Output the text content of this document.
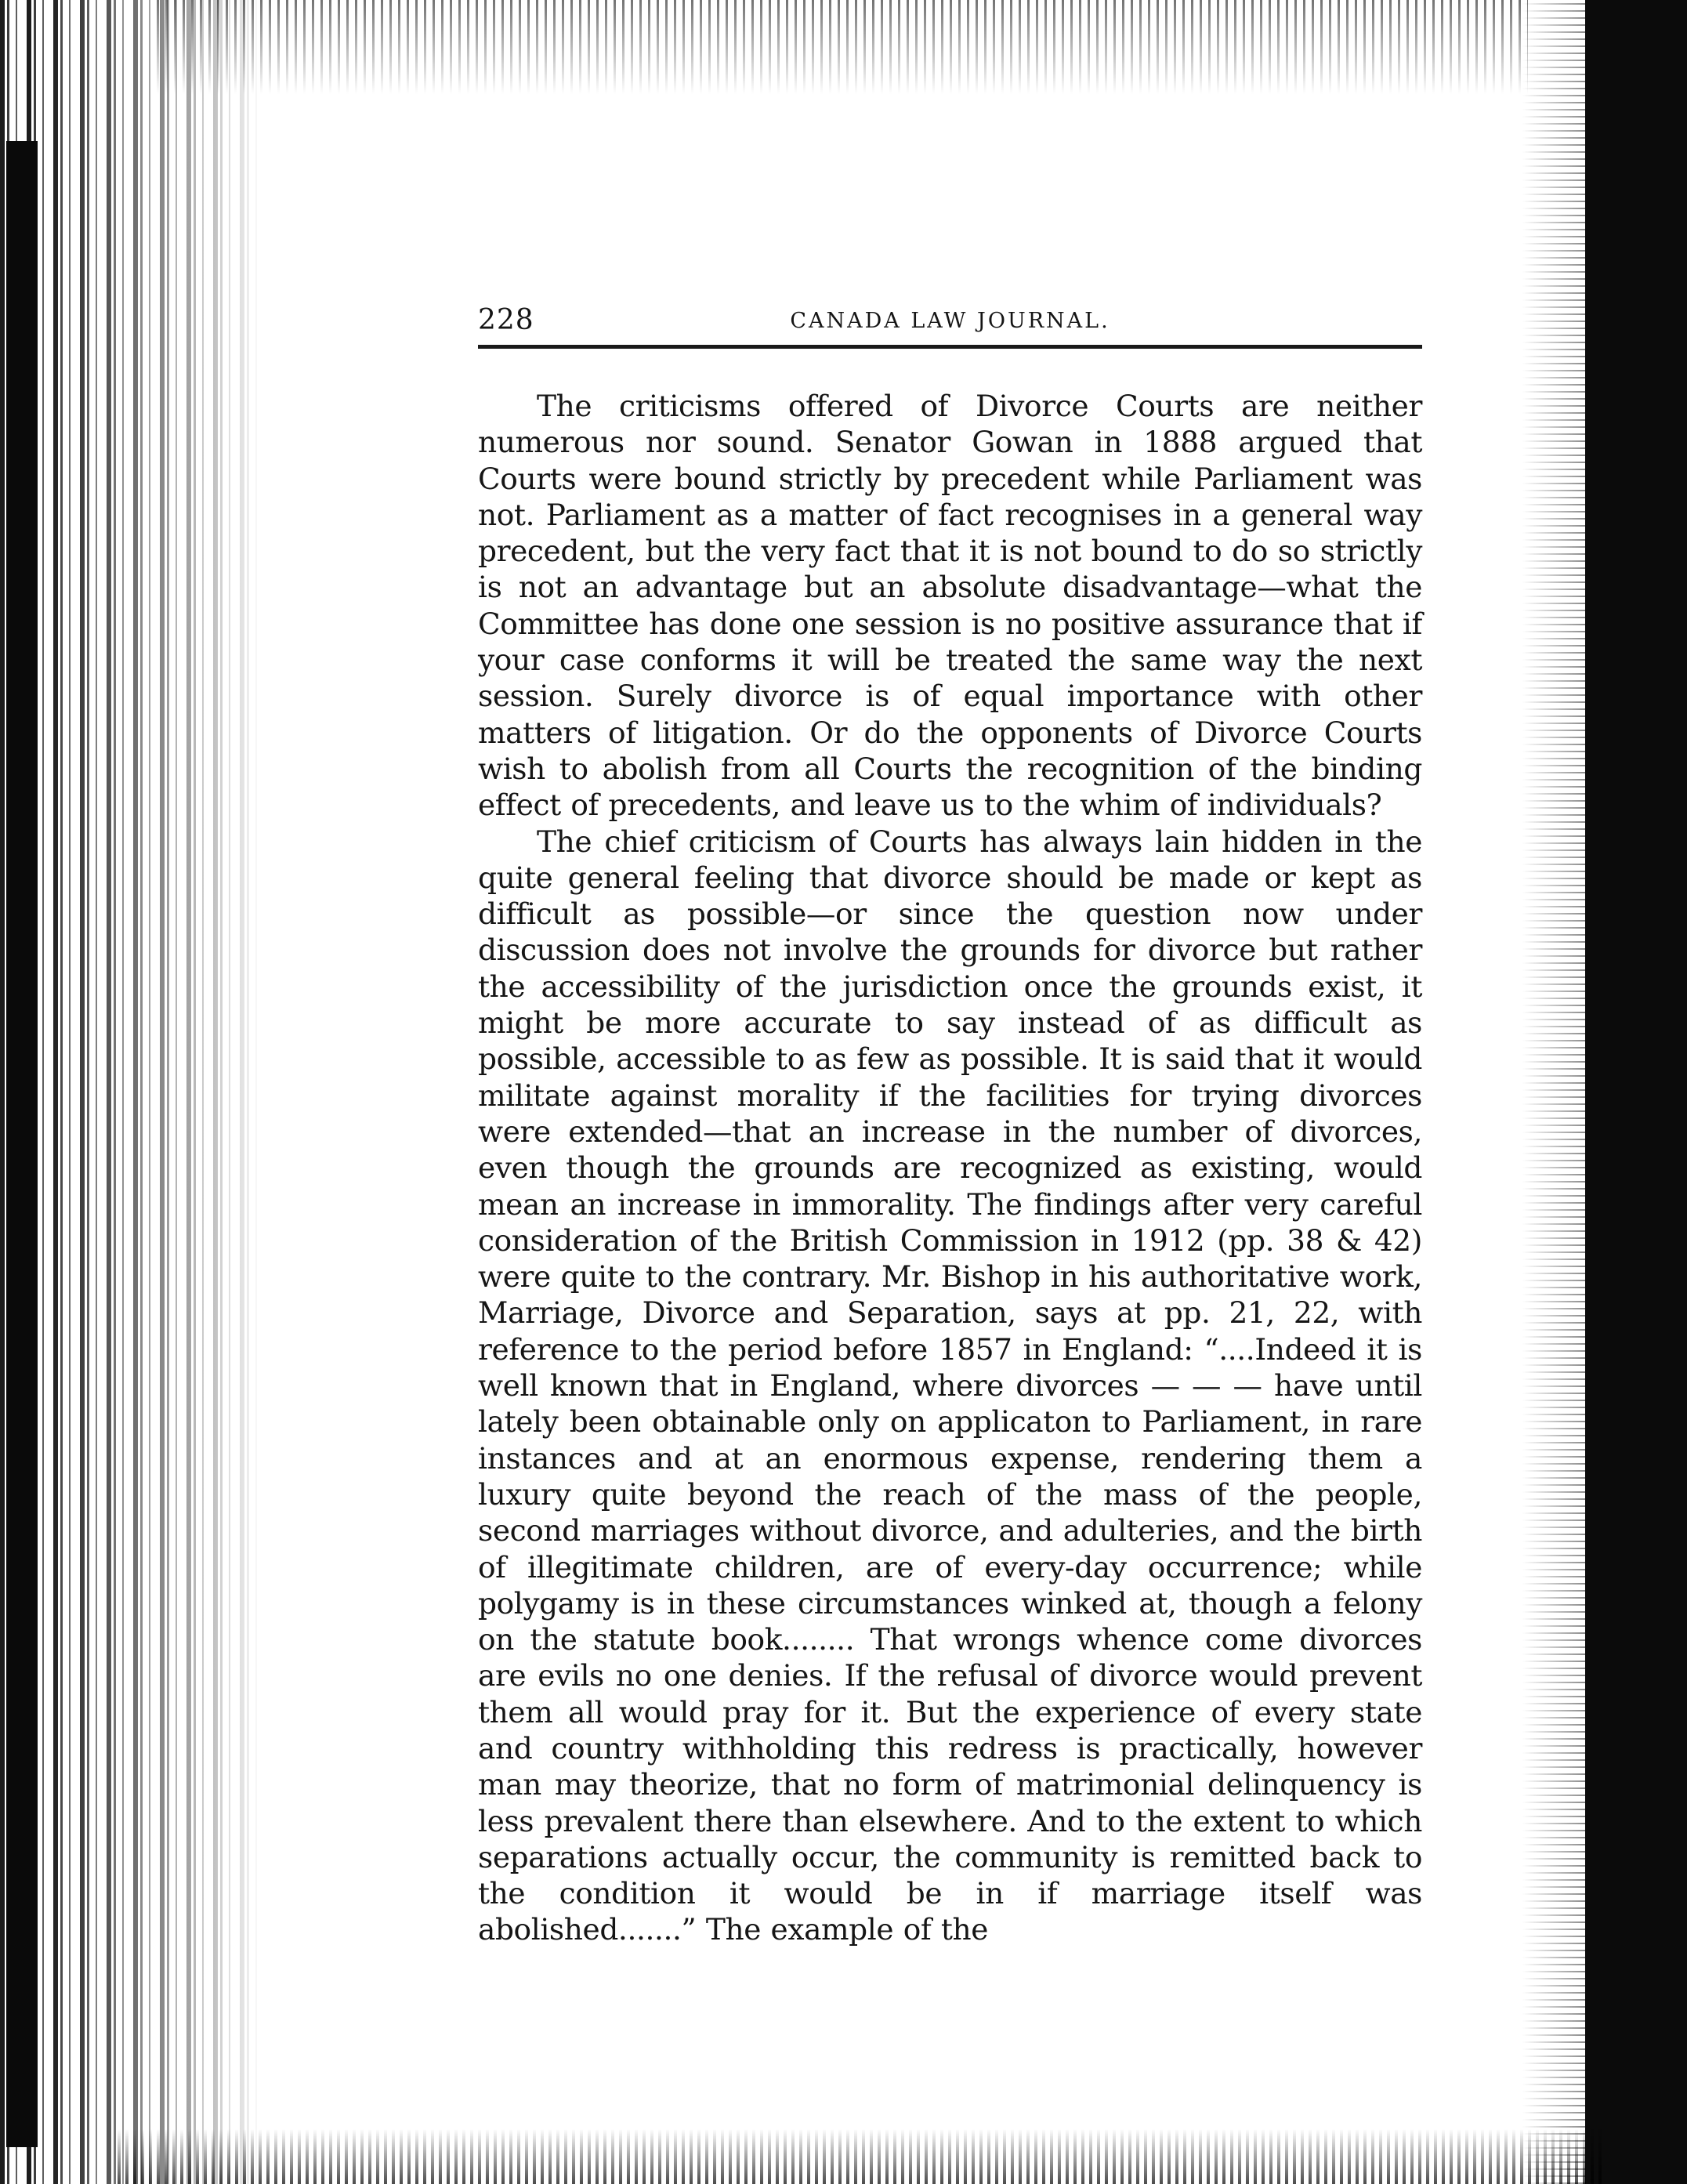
228	CANADA LAW JOURNAL.

The criticisms offered of Divorce Courts are neither numerous nor sound. Senator Gowan in 1888 argued that Courts were bound strictly by precedent while Parliament was not. Parliament as a matter of fact recognises in a general way precedent, but the very fact that it is not bound to do so strictly is not an advantage but an absolute disadvantage—what the Committee has done one session is no positive assurance that if your case conforms it will be treated the same way the next session. Surely divorce is of equal importance with other matters of litigation. Or do the opponents of Divorce Courts wish to abolish from all Courts the recognition of the binding effect of precedents, and leave us to the whim of individuals?

The chief criticism of Courts has always lain hidden in the quite general feeling that divorce should be made or kept as difficult as possible—or since the question now under discussion does not involve the grounds for divorce but rather the accessibility of the jurisdiction once the grounds exist, it might be more accurate to say instead of as difficult as possible, accessible to as few as possible. It is said that it would militate against morality if the facilities for trying divorces were extended—that an increase in the number of divorces, even though the grounds are recognized as existing, would mean an increase in immorality. The findings after very careful consideration of the British Commission in 1912 (pp. 38 & 42) were quite to the contrary. Mr. Bishop in his authoritative work, Marriage, Divorce and Separation, says at pp. 21, 22, with reference to the period before 1857 in England: “....Indeed it is well known that in England, where divorces — — — have until lately been obtainable only on applicaton to Parliament, in rare instances and at an enormous expense, rendering them a luxury quite beyond the reach of the mass of the people, second marriages without divorce, and adulteries, and the birth of illegitimate children, are of every-day occurrence; while polygamy is in these circumstances winked at, though a felony on the statute book........ That wrongs whence come divorces are evils no one denies. If the refusal of divorce would prevent them all would pray for it. But the experience of every state and country withholding this redress is practically, however man may theorize, that no form of matrimonial delinquency is less prevalent there than elsewhere. And to the extent to which separations actually occur, the community is remitted back to the condition it would be in if marriage itself was abolished.......” The example of the
